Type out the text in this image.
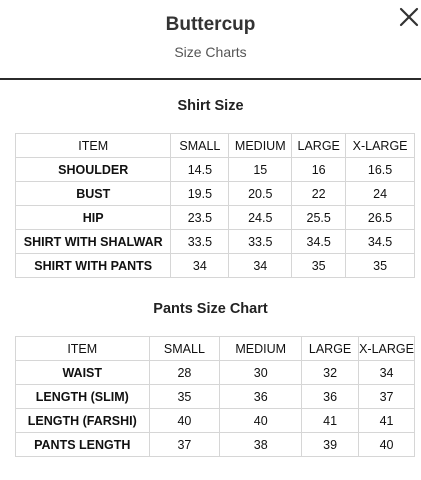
Buttercup
Size Charts
Shirt Size
ITEM	SMALL	MEDIUM	LARGE	X-LARGE
SHOULDER	14.5	15	16	16.5
BUST	19.5	20.5	22	24
HIP	23.5	24.5	25.5	26.5
SHIRT WITH SHALWAR	33.5	33.5	34.5	34.5
SHIRT WITH PANTS	34	34	35	35
Pants Size Chart
ITEM	SMALL	MEDIUM	LARGE	X-LARGE
WAIST	28	30	32	34
LENGTH (SLIM)	35	36	36	37
LENGTH (FARSHI)	40	40	41	41
PANTS LENGTH	37	38	39	40
